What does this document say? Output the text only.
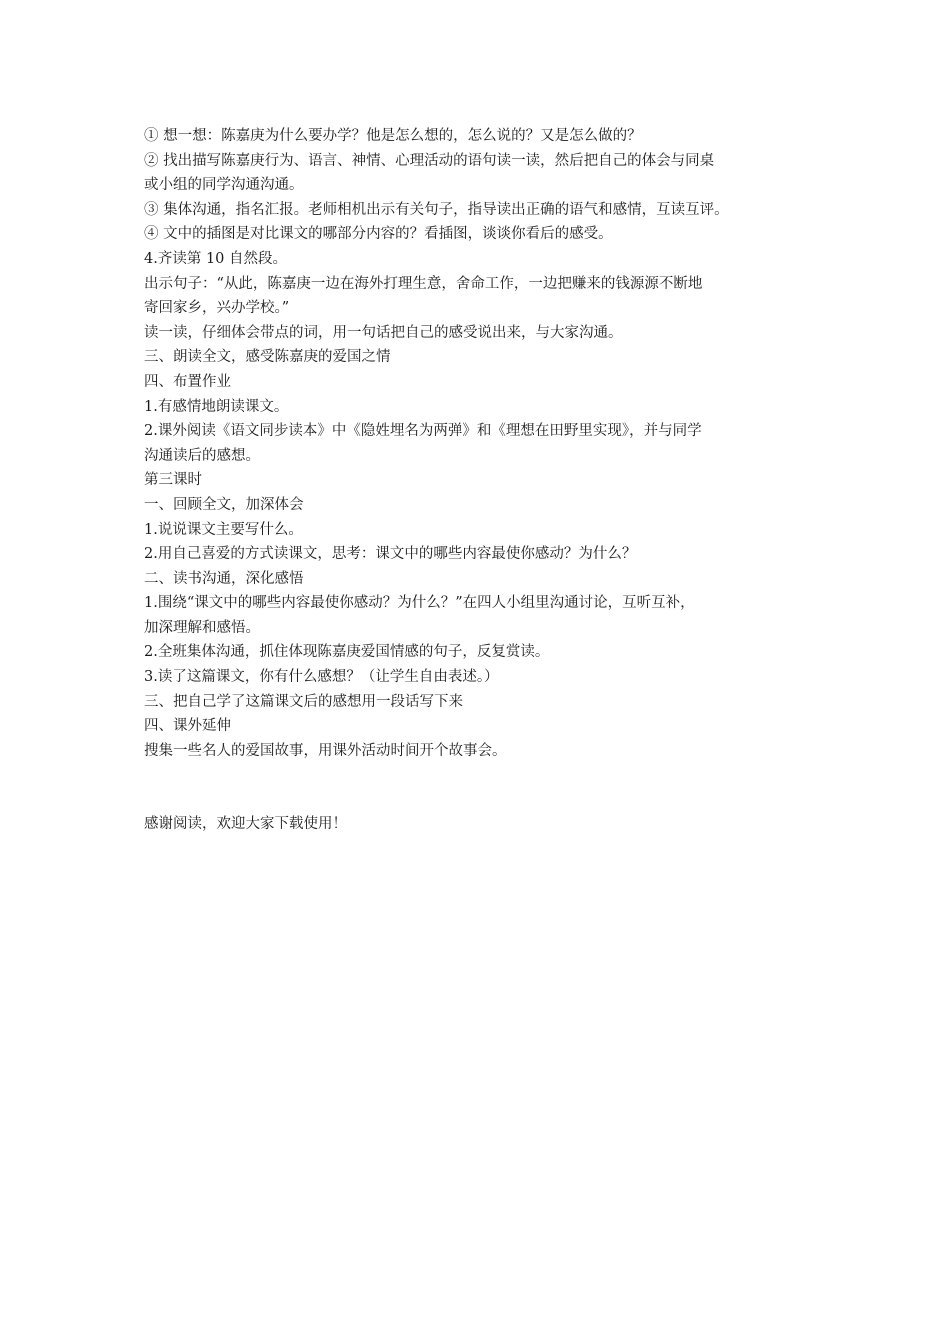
① 想一想：陈嘉庚为什么要办学？他是怎么想的，怎么说的？又是怎么做的？
② 找出描写陈嘉庚行为、语言、神情、心理活动的语句读一读，然后把自己的体会与同桌
或小组的同学沟通沟通。
③ 集体沟通，指名汇报。老师相机出示有关句子，指导读出正确的语气和感情，互读互评。
④ 文中的插图是对比课文的哪部分内容的？看插图，谈谈你看后的感受。
4.齐读第 10 自然段。
出示句子：“从此，陈嘉庚一边在海外打理生意，舍命工作，一边把赚来的钱源源不断地
寄回家乡，兴办学校。”
读一读，仔细体会带点的词，用一句话把自己的感受说出来，与大家沟通。
三、朗读全文，感受陈嘉庚的爱国之情
四、布置作业
1.有感情地朗读课文。
2.课外阅读《语文同步读本》中《隐姓埋名为两弹》和《理想在田野里实现》，并与同学
沟通读后的感想。
第三课时
一、回顾全文，加深体会
1.说说课文主要写什么。
2.用自己喜爱的方式读课文，思考：课文中的哪些内容最使你感动？为什么？
二、读书沟通，深化感悟
1.围绕“课文中的哪些内容最使你感动？为什么？”在四人小组里沟通讨论，互听互补，
加深理解和感悟。
2.全班集体沟通，抓住体现陈嘉庚爱国情感的句子，反复赏读。
3.读了这篇课文，你有什么感想？（让学生自由表述。）
三、把自己学了这篇课文后的感想用一段话写下来
四、课外延伸
搜集一些名人的爱国故事，用课外活动时间开个故事会。
感谢阅读，欢迎大家下载使用！
